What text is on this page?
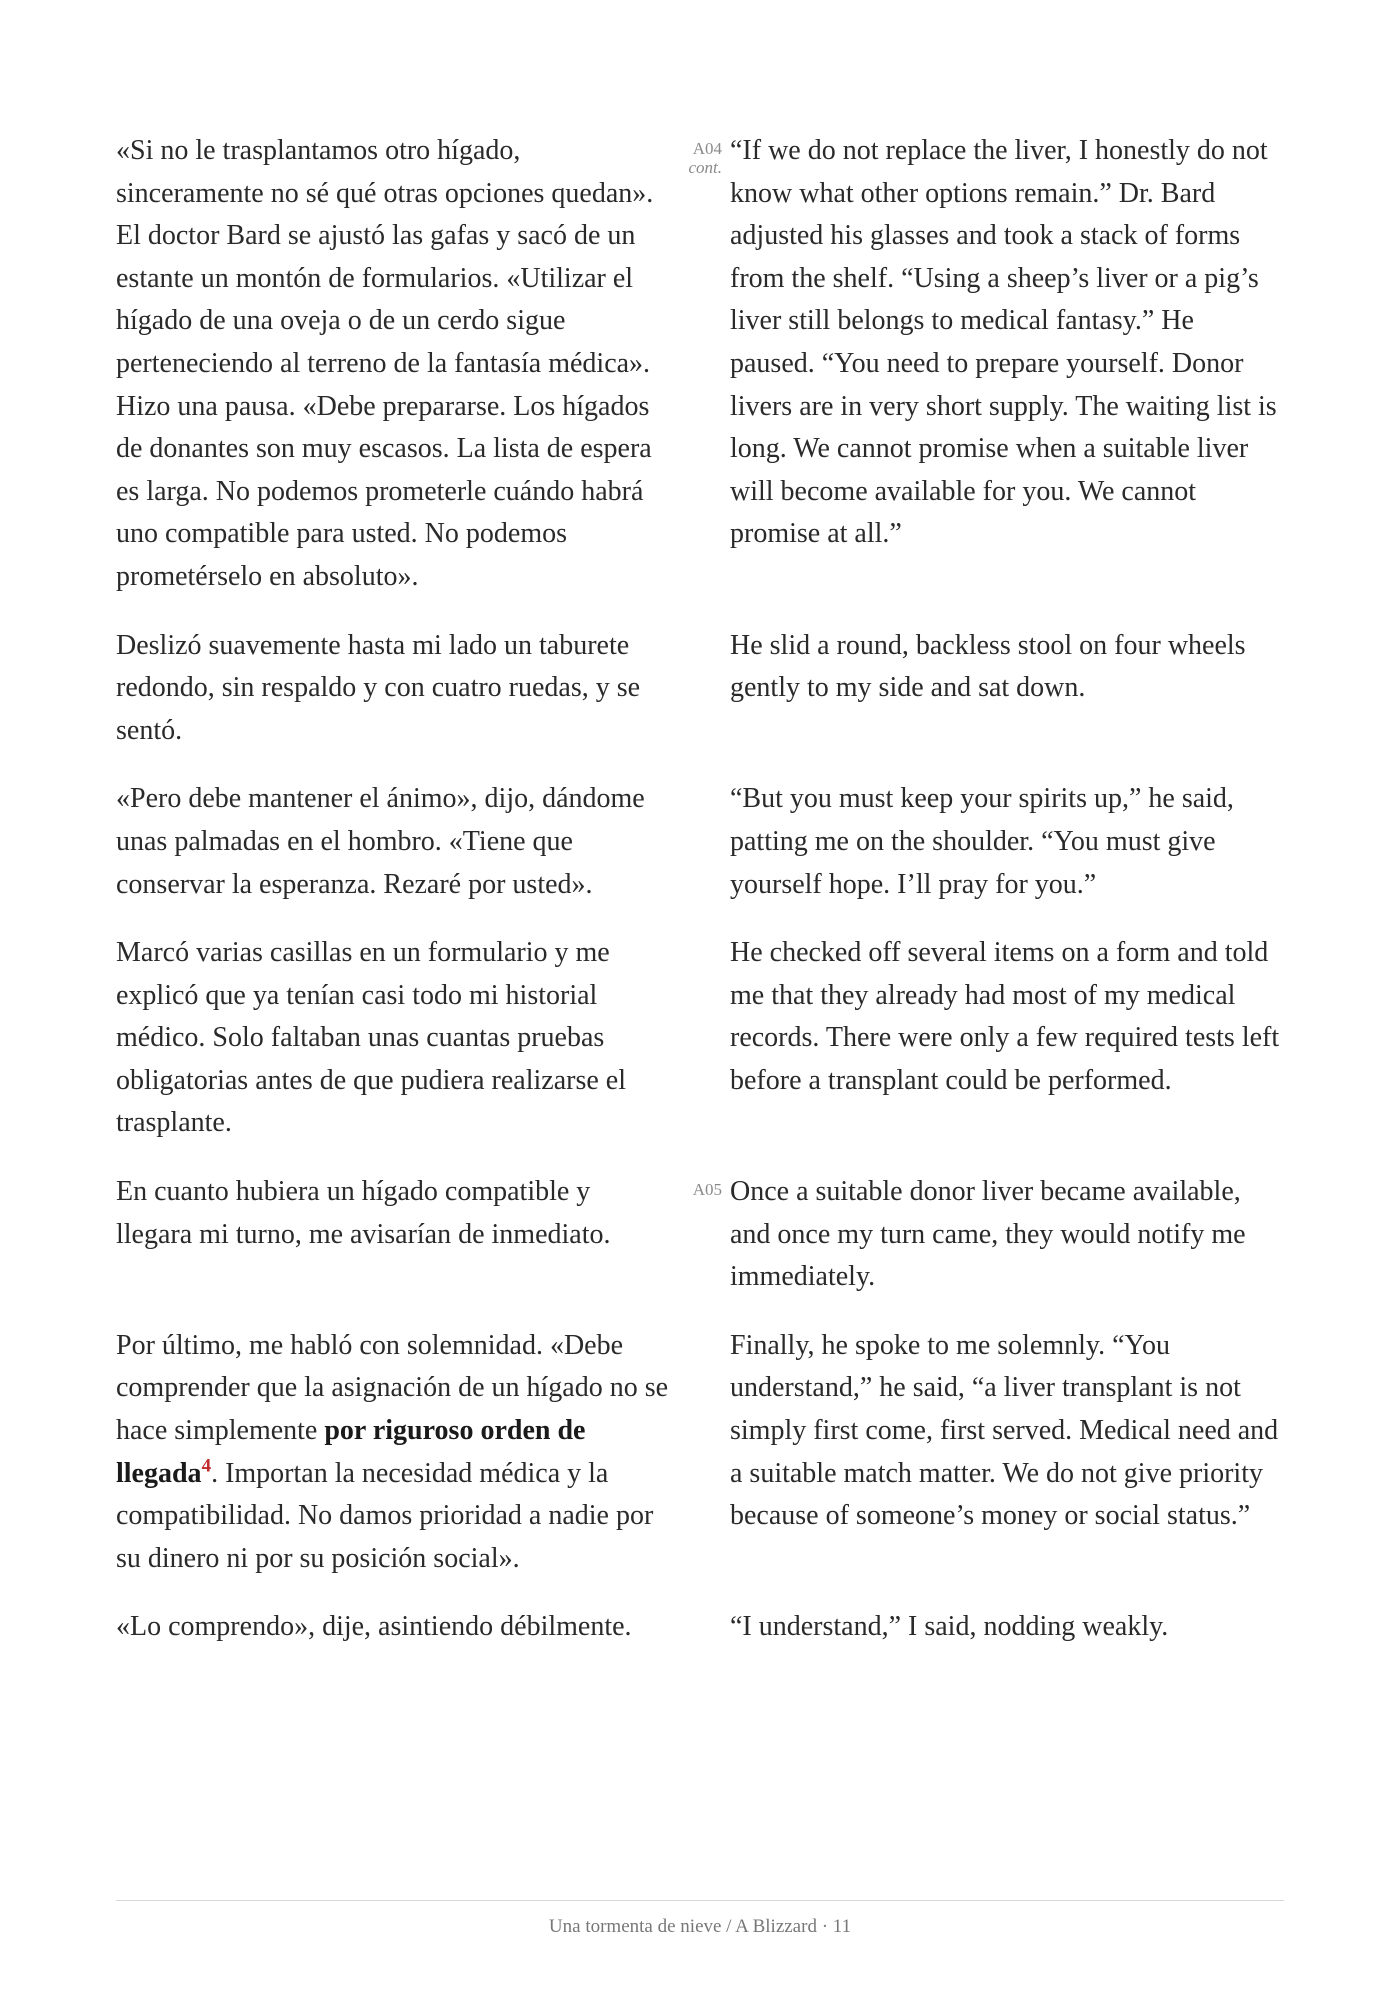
«Si no le trasplantamos otro hígado, sinceramente no sé qué otras opciones quedan». El doctor Bard se ajustó las gafas y sacó de un estante un montón de formularios. «Utilizar el hígado de una oveja o de un cerdo sigue perteneciendo al terreno de la fantasía médica». Hizo una pausa. «Debe prepararse. Los hígados de donantes son muy escasos. La lista de espera es larga. No podemos prometerle cuándo habrá uno compatible para usted. No podemos prometérselo en absoluto».

A04
cont.

“If we do not replace the liver, I honestly do not know what other options remain.” Dr. Bard adjusted his glasses and took a stack of forms from the shelf. “Using a sheep’s liver or a pig’s liver still belongs to medical fantasy.” He paused. “You need to prepare yourself. Donor livers are in very short supply. The waiting list is long. We cannot promise when a suitable liver will become available for you. We cannot promise at all.”

Deslizó suavemente hasta mi lado un taburete redondo, sin respaldo y con cuatro ruedas, y se sentó.

He slid a round, backless stool on four wheels gently to my side and sat down.

«Pero debe mantener el ánimo», dijo, dándome unas palmadas en el hombro. «Tiene que conservar la esperanza. Rezaré por usted».

“But you must keep your spirits up,” he said, patting me on the shoulder. “You must give yourself hope. I’ll pray for you.”

Marcó varias casillas en un formulario y me explicó que ya tenían casi todo mi historial médico. Solo faltaban unas cuantas pruebas obligatorias antes de que pudiera realizarse el trasplante.

He checked off several items on a form and told me that they already had most of my medical records. There were only a few required tests left before a transplant could be performed.

En cuanto hubiera un hígado compatible y llegara mi turno, me avisarían de inmediato.

A05 Once a suitable donor liver became available, and once my turn came, they would notify me immediately.

Por último, me habló con solemnidad. «Debe comprender que la asignación de un hígado no se hace simplemente por riguroso orden de llegada$^4$. Importan la necesidad médica y la compatibilidad. No damos prioridad a nadie por su dinero ni por su posición social».

Finally, he spoke to me solemnly. “You understand,” he said, “a liver transplant is not simply first come, first served. Medical need and a suitable match matter. We do not give priority because of someone’s money or social status.”

«Lo comprendo», dije, asintiendo débilmente.	“I understand,” I said, nodding weakly.

Una tormenta de nieve / A Blizzard · 11
